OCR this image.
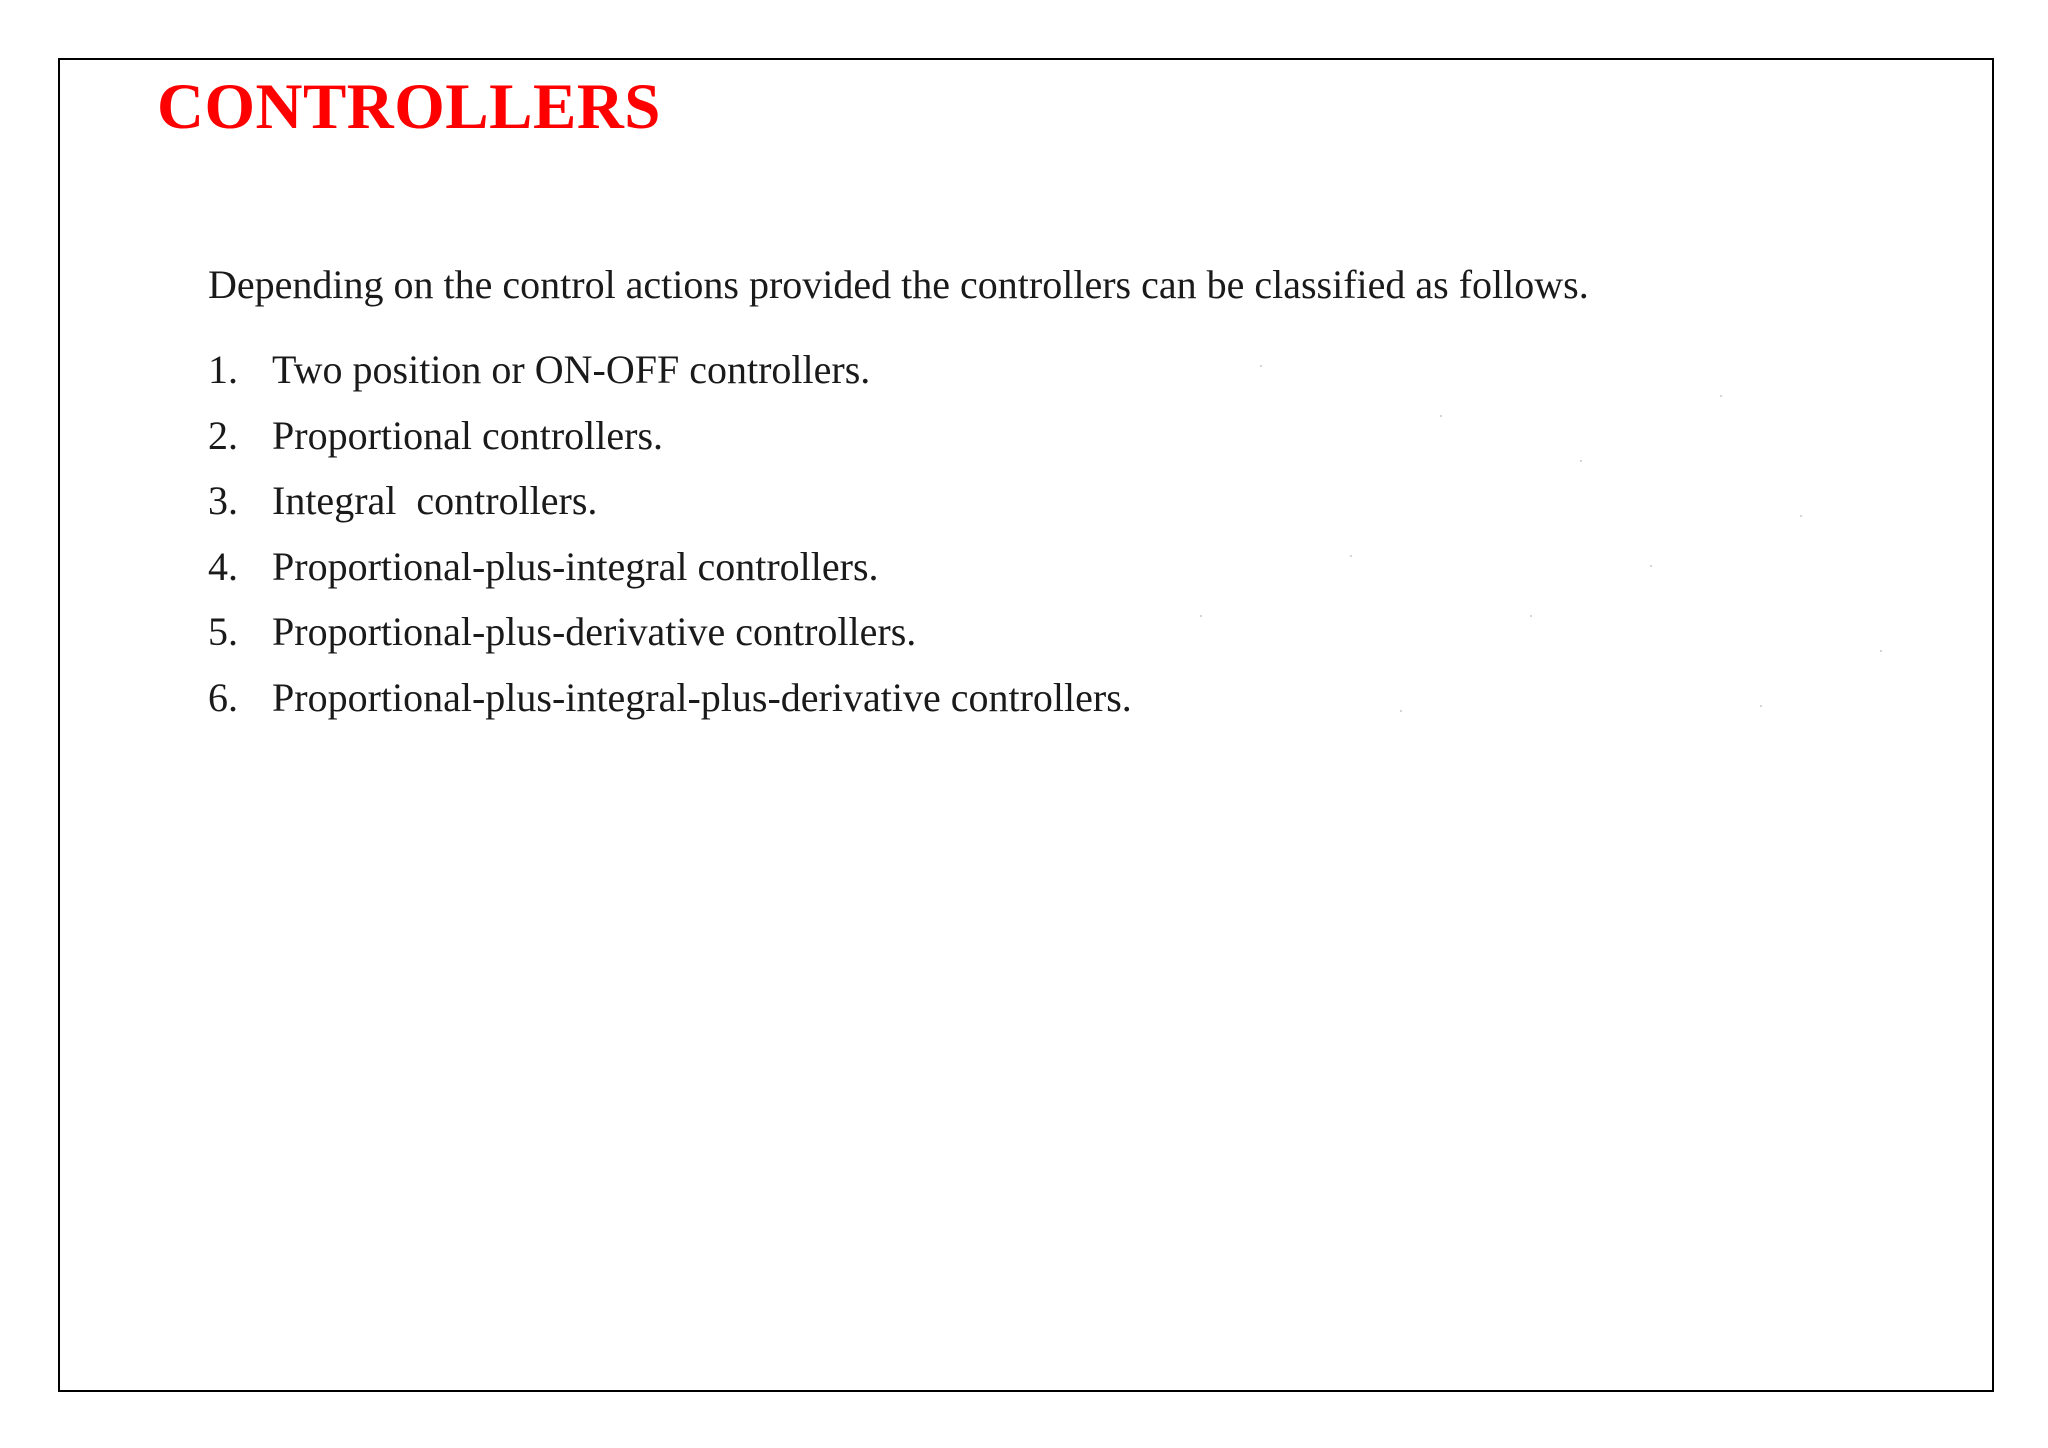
CONTROLLERS

Depending on the control actions provided the controllers can be classified as follows.

1. Two position or ON-OFF controllers.
2. Proportional controllers.
3. Integral  controllers.
4. Proportional-plus-integral controllers.
5. Proportional-plus-derivative controllers.
6. Proportional-plus-integral-plus-derivative controllers.
